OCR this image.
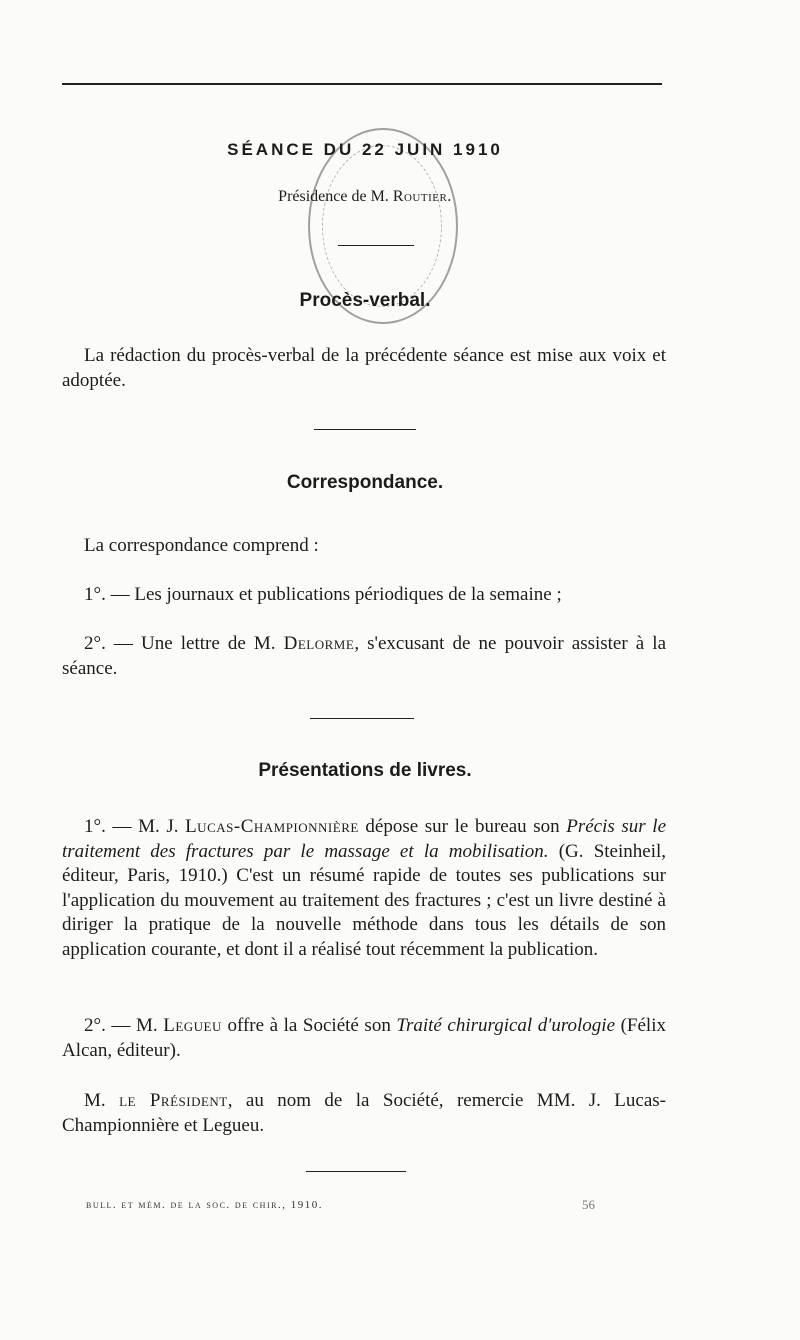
SÉANCE DU 22 JUIN 1910
Présidence de M. Routier.
Procès-verbal.
La rédaction du procès-verbal de la précédente séance est mise aux voix et adoptée.
Correspondance.
La correspondance comprend :
1°. — Les journaux et publications périodiques de la semaine ;
2°. — Une lettre de M. Delorme, s'excusant de ne pouvoir assister à la séance.
Présentations de livres.
1°. — M. J. Lucas-Championnière dépose sur le bureau son Précis sur le traitement des fractures par le massage et la mobilisation. (G. Steinheil, éditeur, Paris, 1910.) C'est un résumé rapide de toutes ses publications sur l'application du mouvement au traitement des fractures ; c'est un livre destiné à diriger la pratique de la nouvelle méthode dans tous les détails de son application courante, et dont il a réalisé tout récemment la publication.
2°. — M. Legueu offre à la Société son Traité chirurgical d'urologie (Félix Alcan, éditeur).
M. le Président, au nom de la Société, remercie MM. J. Lucas-Championnière et Legueu.
bull. et mém. de la soc. de chir., 1910.	56
